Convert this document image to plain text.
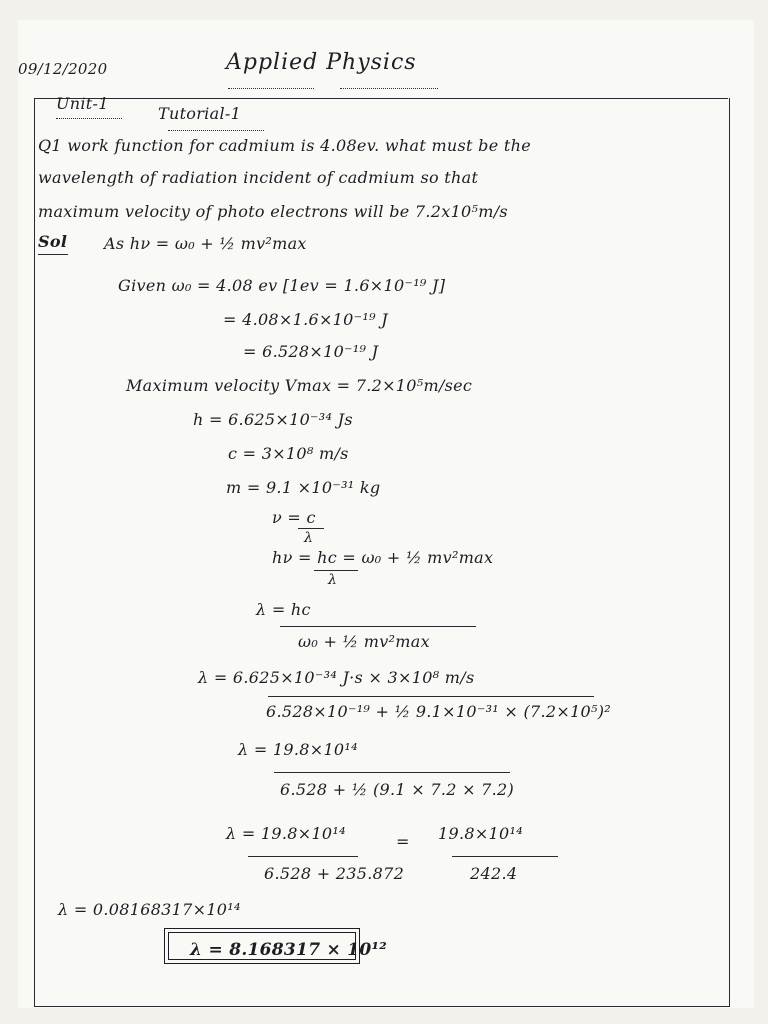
09/12/2020	Applied Physics
Unit-1
Tutorial-1
Q1 work function for cadmium is 4.08ev. what must be the
wavelength of radiation incident of cadmium so that
maximum velocity of photo electrons will be 7.2x10⁵m/s
Sol As hν = ω₀ + ½ mv²max
Given ω₀ = 4.08 ev [1ev = 1.6×10⁻¹⁹ J]
= 4.08×1.6×10⁻¹⁹ J
= 6.528×10⁻¹⁹ J
Maximum velocity Vmax = 7.2×10⁵m/sec
h = 6.625×10⁻³⁴ Js
c = 3×10⁸ m/s
m = 9.1 ×10⁻³¹ kg
ν = c
λ
hν = hc = ω₀ + ½ mv²max
λ
λ = hc
ω₀ + ½ mv²max
λ = 6.625×10⁻³⁴ J·s × 3×10⁸ m/s
6.528×10⁻¹⁹ + ½ 9.1×10⁻³¹ × (7.2×10⁵)²
λ = 19.8×10¹⁴
6.528 + ½ (9.1 × 7.2 × 7.2)
λ = 19.8×10¹⁴
6.528 + 235.872
= 19.8×10¹⁴
242.4
λ = 0.08168317×10¹⁴
λ = 8.168317 × 10¹²
